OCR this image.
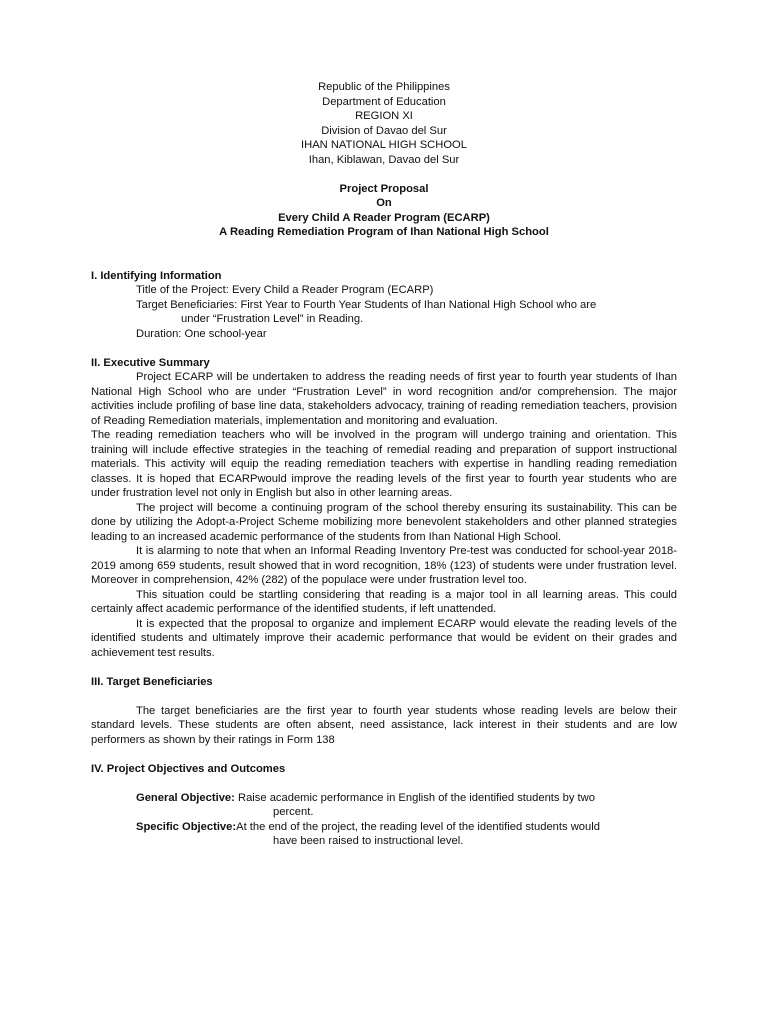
Republic of the Philippines
Department of Education
REGION XI
Division of Davao del Sur
IHAN NATIONAL HIGH SCHOOL
Ihan, Kiblawan, Davao del Sur
Project Proposal
On
Every Child A Reader Program (ECARP)
A Reading Remediation Program of Ihan National High School
I. Identifying Information
Title of the Project: Every Child a Reader Program (ECARP)
Target Beneficiaries: First Year to Fourth Year Students of Ihan National High School who are
under “Frustration Level” in Reading.
Duration: One school-year
II. Executive Summary

Project ECARP will be undertaken to address the reading needs of first year to fourth year students of Ihan National High School who are under “Frustration Level” in word recognition and/or comprehension. The major activities include profiling of base line data, stakeholders advocacy, training of reading remediation teachers, provision of Reading Remediation materials, implementation and monitoring and evaluation.

The reading remediation teachers who will be involved in the program will undergo training and orientation. This training will include effective strategies in the teaching of remedial reading and preparation of support instructional materials. This activity will equip the reading remediation teachers with expertise in handling reading remediation classes. It is hoped that ECARPwould improve the reading levels of the first year to fourth year students who are under frustration level not only in English but also in other learning areas.

The project will become a continuing program of the school thereby ensuring its sustainability. This can be done by utilizing the Adopt-a-Project Scheme mobilizing more benevolent stakeholders and other planned strategies leading to an increased academic performance of the students from Ihan National High School.

It is alarming to note that when an Informal Reading Inventory Pre-test was conducted for school-year 2018-2019 among 659 students, result showed that in word recognition, 18% (123) of students were under frustration level. Moreover in comprehension, 42% (282) of the populace were under frustration level too.

This situation could be startling considering that reading is a major tool in all learning areas. This could certainly affect academic performance of the identified students, if left unattended.

It is expected that the proposal to organize and implement ECARP would elevate the reading levels of the identified students and ultimately improve their academic performance that would be evident on their grades and achievement test results.

III. Target Beneficiaries

The target beneficiaries are the first year to fourth year students whose reading levels are below their standard levels. These students are often absent, need assistance, lack interest in their students and are low performers as shown by their ratings in Form 138

IV. Project Objectives and Outcomes
General Objective: Raise academic performance in English of the identified students by two
percent.
Specific Objective:At the end of the project, the reading level of the identified students would
have been raised to instructional level.
